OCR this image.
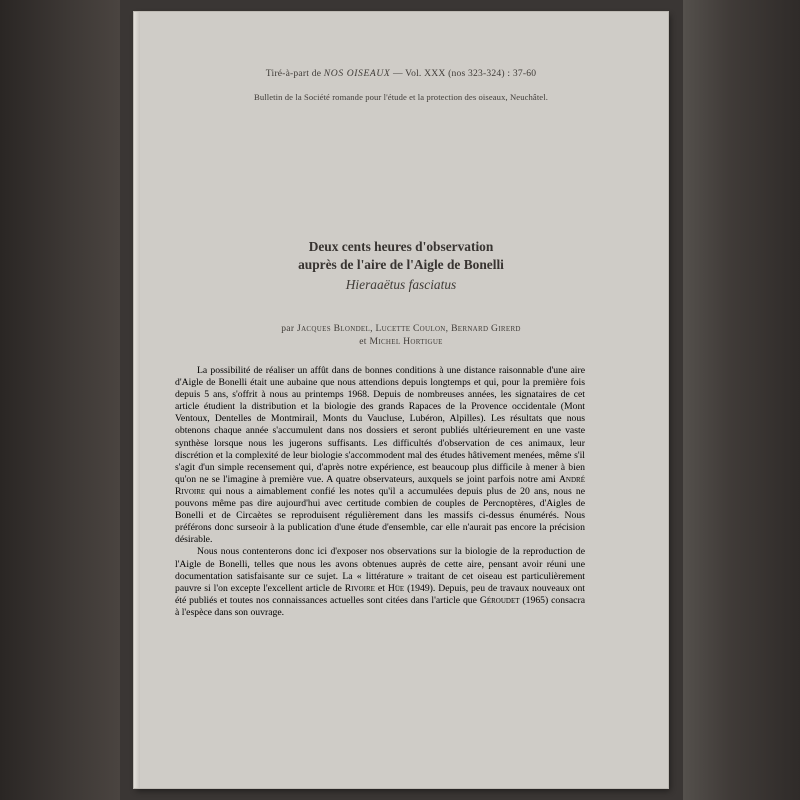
Tiré-à-part de NOS OISEAUX — Vol. XXX (nos 323-324) : 37-60
Bulletin de la Société romande pour l'étude et la protection des oiseaux, Neuchâtel.
Deux cents heures d'observation
auprès de l'aire de l'Aigle de Bonelli
Hieraaëtus fasciatus
par Jacques Blondel, Lucette Coulon, Bernard Girerd
et Michel Hortigue

La possibilité de réaliser un affût dans de bonnes conditions à une distance raisonnable d'une aire d'Aigle de Bonelli était une aubaine que nous attendions depuis longtemps et qui, pour la première fois depuis 5 ans, s'offrit à nous au printemps 1968. Depuis de nombreuses années, les signataires de cet article étudient la distribution et la biologie des grands Rapaces de la Provence occidentale (Mont Ventoux, Dentelles de Montmirail, Monts du Vaucluse, Lubéron, Alpilles). Les résultats que nous obtenons chaque année s'accumulent dans nos dossiers et seront publiés ultérieurement en une vaste synthèse lorsque nous les jugerons suffisants. Les difficultés d'observation de ces animaux, leur discrétion et la complexité de leur biologie s'accommodent mal des études hâtivement menées, même s'il s'agit d'un simple recensement qui, d'après notre expérience, est beaucoup plus difficile à mener à bien qu'on ne se l'imagine à première vue. A quatre observateurs, auxquels se joint parfois notre ami André Rivoire qui nous a aimablement confié les notes qu'il a accumulées depuis plus de 20 ans, nous ne pouvons même pas dire aujourd'hui avec certitude combien de couples de Percnoptères, d'Aigles de Bonelli et de Circaètes se reproduisent régulièrement dans les massifs ci-dessus énumérés. Nous préférons donc surseoir à la publication d'une étude d'ensemble, car elle n'aurait pas encore la précision désirable.

Nous nous contenterons donc ici d'exposer nos observations sur la biologie de la reproduction de l'Aigle de Bonelli, telles que nous les avons obtenues auprès de cette aire, pensant avoir réuni une documentation satisfaisante sur ce sujet. La « littérature » traitant de cet oiseau est particulièrement pauvre si l'on excepte l'excellent article de Rivoire et Hüe (1949). Depuis, peu de travaux nouveaux ont été publiés et toutes nos connaissances actuelles sont citées dans l'article que Géroudet (1965) consacra à l'espèce dans son ouvrage.
